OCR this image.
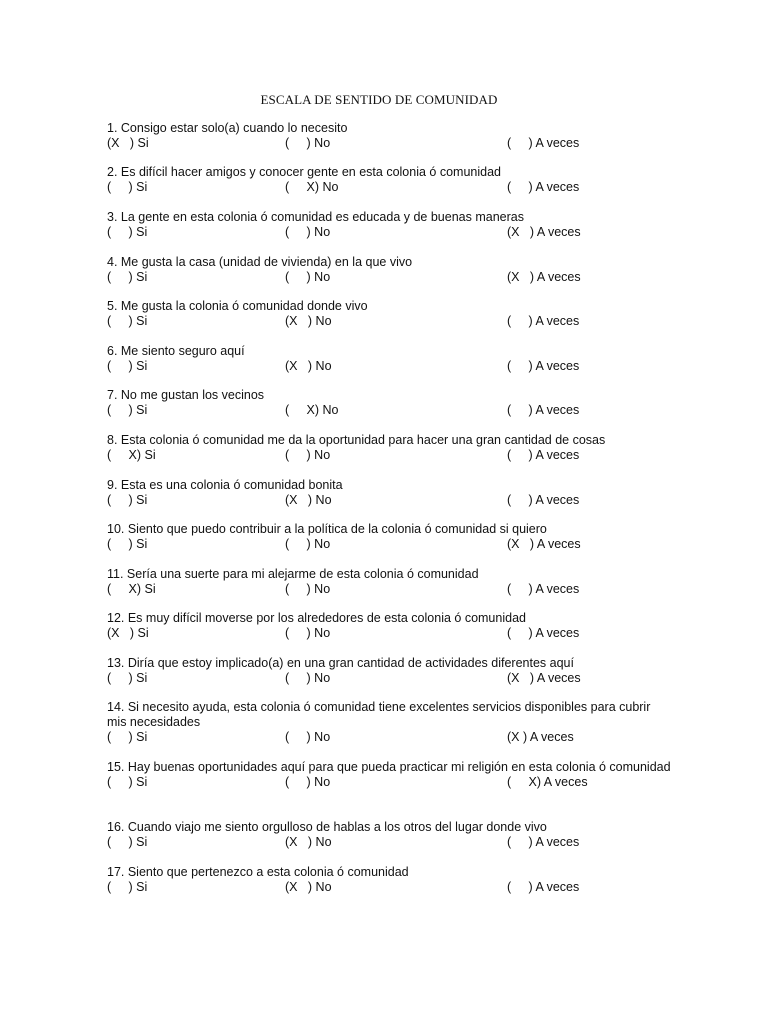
ESCALA DE SENTIDO DE COMUNIDAD
1. Consigo estar solo(a) cuando lo necesito
(X   ) Si	(     ) No	(     ) A veces
2. Es difícil hacer amigos y conocer gente en esta colonia ó comunidad
(     ) Si	(     X) No	(     ) A veces
3. La gente en esta colonia ó comunidad es educada y de buenas maneras
(     ) Si	(     ) No	(X   ) A veces
4. Me gusta la casa (unidad de vivienda) en la que vivo
(     ) Si	(     ) No	(X   ) A veces
5. Me gusta la colonia ó comunidad donde vivo
(     ) Si	(X   ) No	(     ) A veces
6. Me siento seguro aquí
(     ) Si	(X   ) No	(     ) A veces
7. No me gustan los vecinos
(     ) Si	(     X) No	(     ) A veces
8. Esta colonia ó comunidad me da la oportunidad para hacer una gran cantidad de cosas
(     X) Si	(     ) No	(     ) A veces
9. Esta es una colonia ó comunidad bonita
(     ) Si	(X   ) No	(     ) A veces
10. Siento que puedo contribuir a la política de la colonia ó comunidad si quiero
(     ) Si	(     ) No	(X   ) A veces
11. Sería una suerte para mi alejarme de esta colonia ó comunidad
(     X) Si	(     ) No	(     ) A veces
12. Es muy difícil moverse por los alrededores de esta colonia ó comunidad
(X   ) Si	(     ) No	(     ) A veces
13. Diría que estoy implicado(a) en una gran cantidad de actividades diferentes aquí
(     ) Si	(     ) No	(X   ) A veces
14. Si necesito ayuda, esta colonia ó comunidad tiene excelentes servicios disponibles para cubrir mis necesidades
(     ) Si	(     ) No	(X ) A veces
15. Hay buenas oportunidades aquí para que pueda practicar mi religión en esta colonia ó comunidad
(     ) Si	(     ) No	(     X) A veces
16. Cuando viajo me siento orgulloso de hablas a los otros del lugar donde vivo
(     ) Si	(X   ) No	(     ) A veces
17. Siento que pertenezco a esta colonia ó comunidad
(     ) Si	(X   ) No	(     ) A veces
